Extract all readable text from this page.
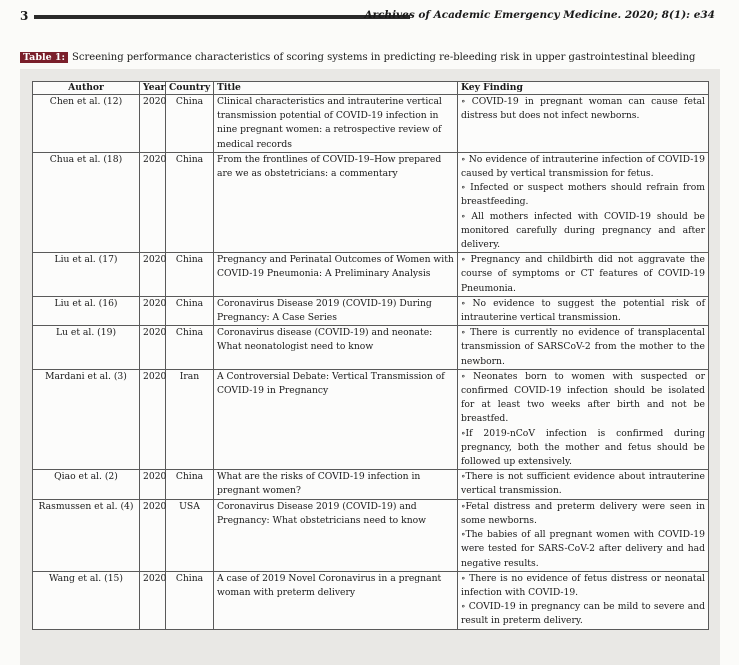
3	Archives of Academic Emergency Medicine. 2020; 8(1): e34
Table 1: Screening performance characteristics of scoring systems in predicting re-bleeding risk in upper gastrointestinal bleeding
Author	Year	Country	Title	Key Finding
Chen et al. (12)	2020	China	Clinical characteristics and intrauterine vertical transmission potential of COVID-19 infection in nine pregnant women: a retrospective review of medical records	∘ COVID-19 in pregnant woman can cause fetal distress but does not infect newborns.

Chua et al. (18)	2020	China	From the frontlines of COVID-19–How prepared are we as obstetricians: a commentary	∘ No evidence of intrauterine infection of COVID-19 caused by vertical transmission for fetus.

∘ Infected or suspect mothers should refrain from breastfeeding.

∘ All mothers infected with COVID-19 should be monitored carefully during pregnancy and after delivery.

Liu et al. (17)	2020	China	Pregnancy and Perinatal Outcomes of Women with COVID-19 Pneumonia: A Preliminary Analysis	∘ Pregnancy and childbirth did not aggravate the course of symptoms or CT features of COVID-19 Pneumonia.

Liu et al. (16)	2020	China	Coronavirus Disease 2019 (COVID-19) During Pregnancy: A Case Series	∘ No evidence to suggest the potential risk of intrauterine vertical transmission.

Lu et al. (19)	2020	China	Coronavirus disease (COVID-19) and neonate: What neonatologist need to know	∘ There is currently no evidence of transplacental transmission of SARSCoV-2 from the mother to the newborn.

Mardani et al. (3)	2020	Iran	A Controversial Debate: Vertical Transmission of COVID-19 in Pregnancy	∘ Neonates born to women with suspected or confirmed COVID-19 infection should be isolated for at least two weeks after birth and not be breastfed.

∘If 2019-nCoV infection is confirmed during pregnancy, both the mother and fetus should be followed up extensively.

Qiao et al. (2)	2020	China	What are the risks of COVID-19 infection in pregnant women?	∘There is not sufficient evidence about intrauterine vertical transmission.

Rasmussen et al. (4)	2020	USA	Coronavirus Disease 2019 (COVID-19) and Pregnancy: What obstetricians need to know	∘Fetal distress and preterm delivery were seen in some newborns.

∘The babies of all pregnant women with COVID-19 were tested for SARS-CoV-2 after delivery and had negative results.

Wang et al. (15)	2020	China	A case of 2019 Novel Coronavirus in a pregnant woman with preterm delivery	∘ There is no evidence of fetus distress or neonatal infection with COVID-19.

∘ COVID-19 in pregnancy can be mild to severe and result in preterm delivery.
